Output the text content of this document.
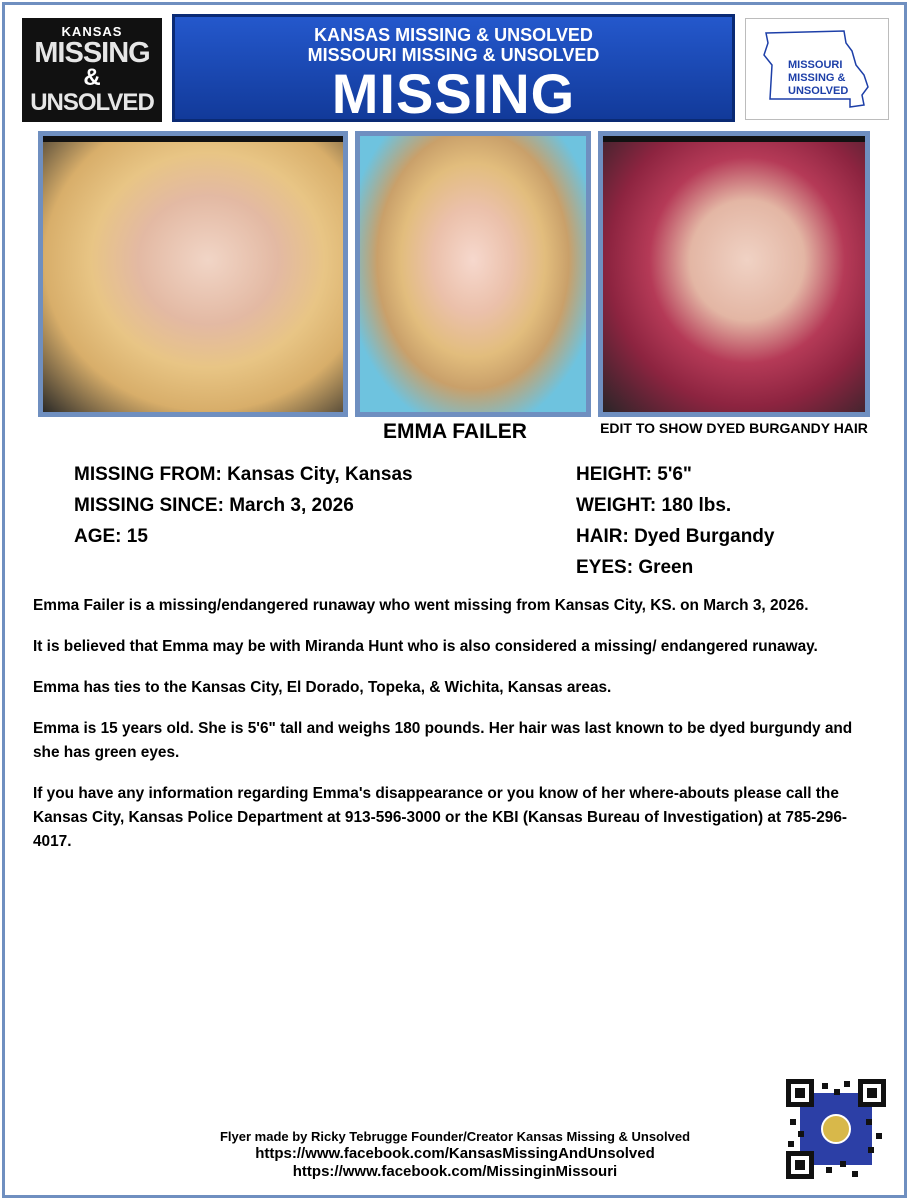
KANSAS
MISSING
&
UNSOLVED
KANSAS MISSING & UNSOLVED
MISSOURI MISSING & UNSOLVED
MISSING	MISSOURI
MISSING &
UNSOLVED
EMMA FAILER	EDIT TO SHOW DYED BURGANDY HAIR
MISSING FROM: Kansas City, Kansas
MISSING SINCE: March 3, 2026
AGE: 15
HEIGHT: 5'6"
WEIGHT: 180 lbs.
HAIR: Dyed Burgandy
EYES: Green

Emma Failer is a missing/endangered runaway who went missing from Kansas City, KS. on March 3, 2026.

It is believed that Emma may be with Miranda Hunt who is also considered a missing/ endangered runaway.

Emma has ties to the Kansas City, El Dorado, Topeka, & Wichita, Kansas areas.

Emma is 15 years old. She is 5'6" tall and weighs 180 pounds. Her hair was last known to be dyed burgundy and she has green eyes.

If you have any information regarding Emma's disappearance or you know of her where-abouts please call the Kansas City, Kansas Police Department at 913-596-3000 or the KBI (Kansas Bureau of Investigation) at 785-296-4017.

Flyer made by Ricky Tebrugge Founder/Creator Kansas Missing & Unsolved
https://www.facebook.com/KansasMissingAndUnsolved
https://www.facebook.com/MissinginMissouri
